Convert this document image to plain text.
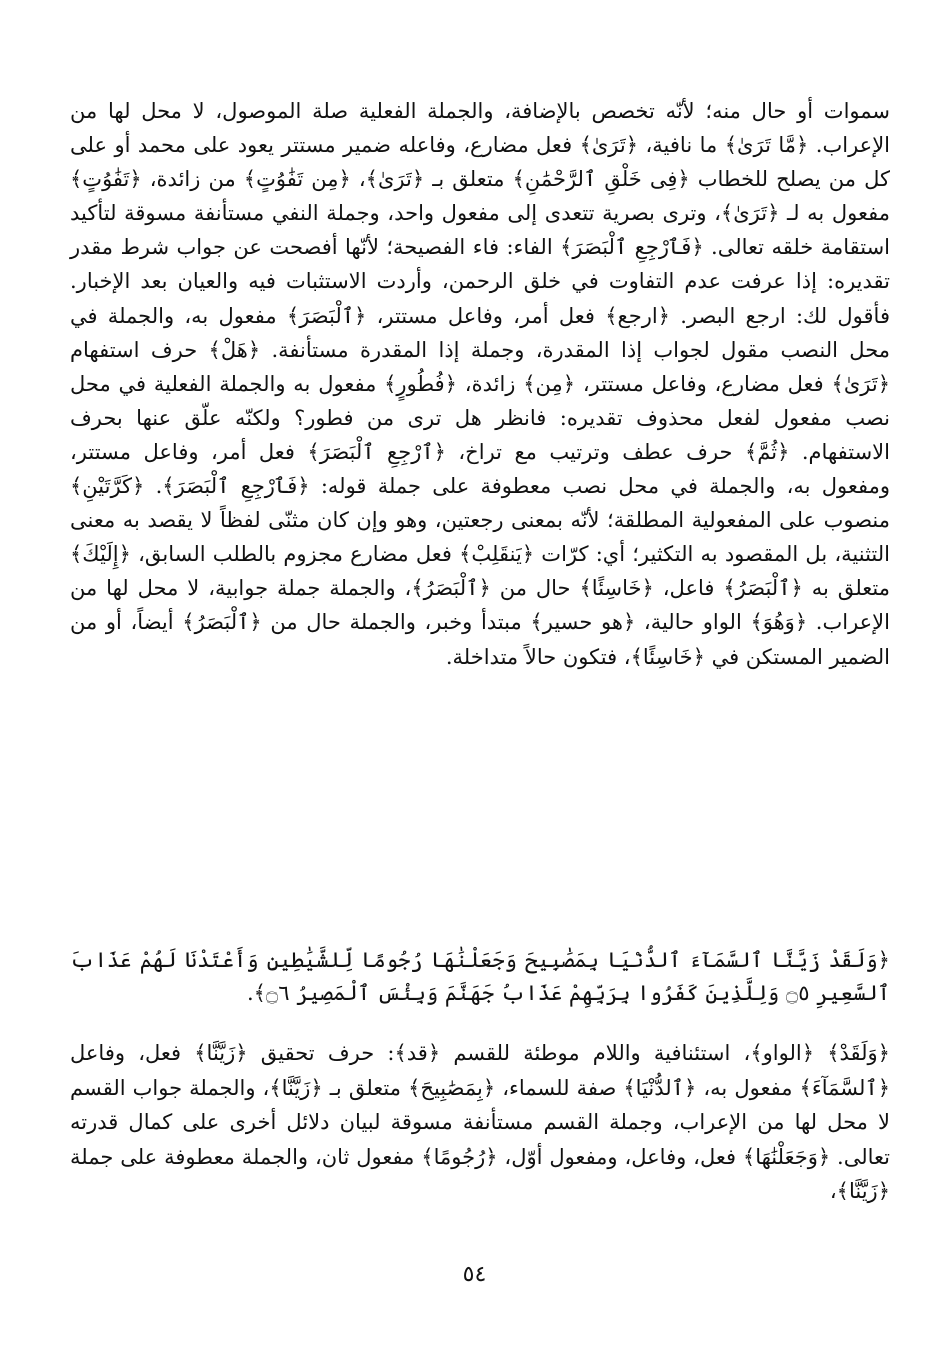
سموات أو حال منه؛ لأنّه تخصص بالإضافة، والجملة الفعلية صلة الموصول، لا محل لها من الإعراب. ﴿مَّا تَرَىٰ﴾ ما نافية، ﴿تَرَىٰ﴾ فعل مضارع، وفاعله ضمير مستتر يعود على محمد أو على كل من يصلح للخطاب ﴿فِى خَلْقِ ٱلرَّحْمَٰنِ﴾ متعلق بـ ﴿تَرَىٰ﴾، ﴿مِن تَفَٰوُتٍ﴾ من زائدة، ﴿تَفَٰوُتٍ﴾ مفعول به لـ ﴿تَرَىٰ﴾، وترى بصرية تتعدى إلى مفعول واحد، وجملة النفي مستأنفة مسوقة لتأكيد استقامة خلقه تعالى. ﴿فَٱرْجِعِ ٱلْبَصَرَ﴾ الفاء: فاء الفصيحة؛ لأنّها أفصحت عن جواب شرط مقدر تقديره: إذا عرفت عدم التفاوت في خلق الرحمن، وأردت الاستثبات فيه والعيان بعد الإخبار. فأقول لك: ارجع البصر. ﴿ارجع﴾ فعل أمر، وفاعل مستتر، ﴿ٱلْبَصَرَ﴾ مفعول به، والجملة في محل النصب مقول لجواب إذا المقدرة، وجملة إذا المقدرة مستأنفة. ﴿هَلْ﴾ حرف استفهام ﴿تَرَىٰ﴾ فعل مضارع، وفاعل مستتر، ﴿مِن﴾ زائدة، ﴿فُطُورٍ﴾ مفعول به والجملة الفعلية في محل نصب مفعول لفعل محذوف تقديره: فانظر هل ترى من فطور؟ ولكنّه علّق عنها بحرف الاستفهام. ﴿ثُمَّ﴾ حرف عطف وترتيب مع تراخ، ﴿ٱرْجِعِ ٱلْبَصَرَ﴾ فعل أمر، وفاعل مستتر، ومفعول به، والجملة في محل نصب معطوفة على جملة قوله: ﴿فَٱرْجِعِ ٱلْبَصَرَ﴾. ﴿كَرَّتَيْنِ﴾ منصوب على المفعولية المطلقة؛ لأنّه بمعنى رجعتين، وهو وإن كان مثنّى لفظاً لا يقصد به معنى التثنية، بل المقصود به التكثير؛ أي: كرّات ﴿يَنقَلِبْ﴾ فعل مضارع مجزوم بالطلب السابق، ﴿إِلَيْكَ﴾ متعلق به ﴿ٱلْبَصَرُ﴾ فاعل، ﴿خَاسِئًا﴾ حال من ﴿ٱلْبَصَرُ﴾، والجملة جملة جوابية، لا محل لها من الإعراب. ﴿وَهُوَ﴾ الواو حالية، ﴿هو حسير﴾ مبتدأ وخبر، والجملة حال من ﴿ٱلْبَصَرُ﴾ أيضاً، أو من الضمير المستكن في ﴿خَاسِئًا﴾، فتكون حالاً متداخلة.

﴿وَلَقَدْ زَيَّنَّا ٱلسَّمَآءَ ٱلدُّنْيَا بِمَصَٰبِيحَ وَجَعَلْنَٰهَا رُجُومًا لِّلشَّيَٰطِينِ وَأَعْتَدْنَا لَهُمْ عَذَابَ ٱلسَّعِيرِ ۝٥ وَلِلَّذِينَ كَفَرُوا بِرَبِّهِمْ عَذَابُ جَهَنَّمَ وَبِئْسَ ٱلْمَصِيرُ ۝٦﴾.

﴿وَلَقَدْ﴾ ﴿الواو﴾، استئنافية واللام موطئة للقسم ﴿قد﴾: حرف تحقيق ﴿زَيَّنَّا﴾ فعل، وفاعل ﴿ٱلسَّمَآءَ﴾ مفعول به، ﴿ٱلدُّنْيَا﴾ صفة للسماء، ﴿بِمَصَٰبِيحَ﴾ متعلق بـ ﴿زَيَّنَّا﴾، والجملة جواب القسم لا محل لها من الإعراب، وجملة القسم مستأنفة مسوقة لبيان دلائل أخرى على كمال قدرته تعالى. ﴿وَجَعَلْنَٰهَا﴾ فعل، وفاعل، ومفعول أوّل، ﴿رُجُومًا﴾ مفعول ثان، والجملة معطوفة على جملة ﴿زَيَّنَّا﴾،

٥٤
